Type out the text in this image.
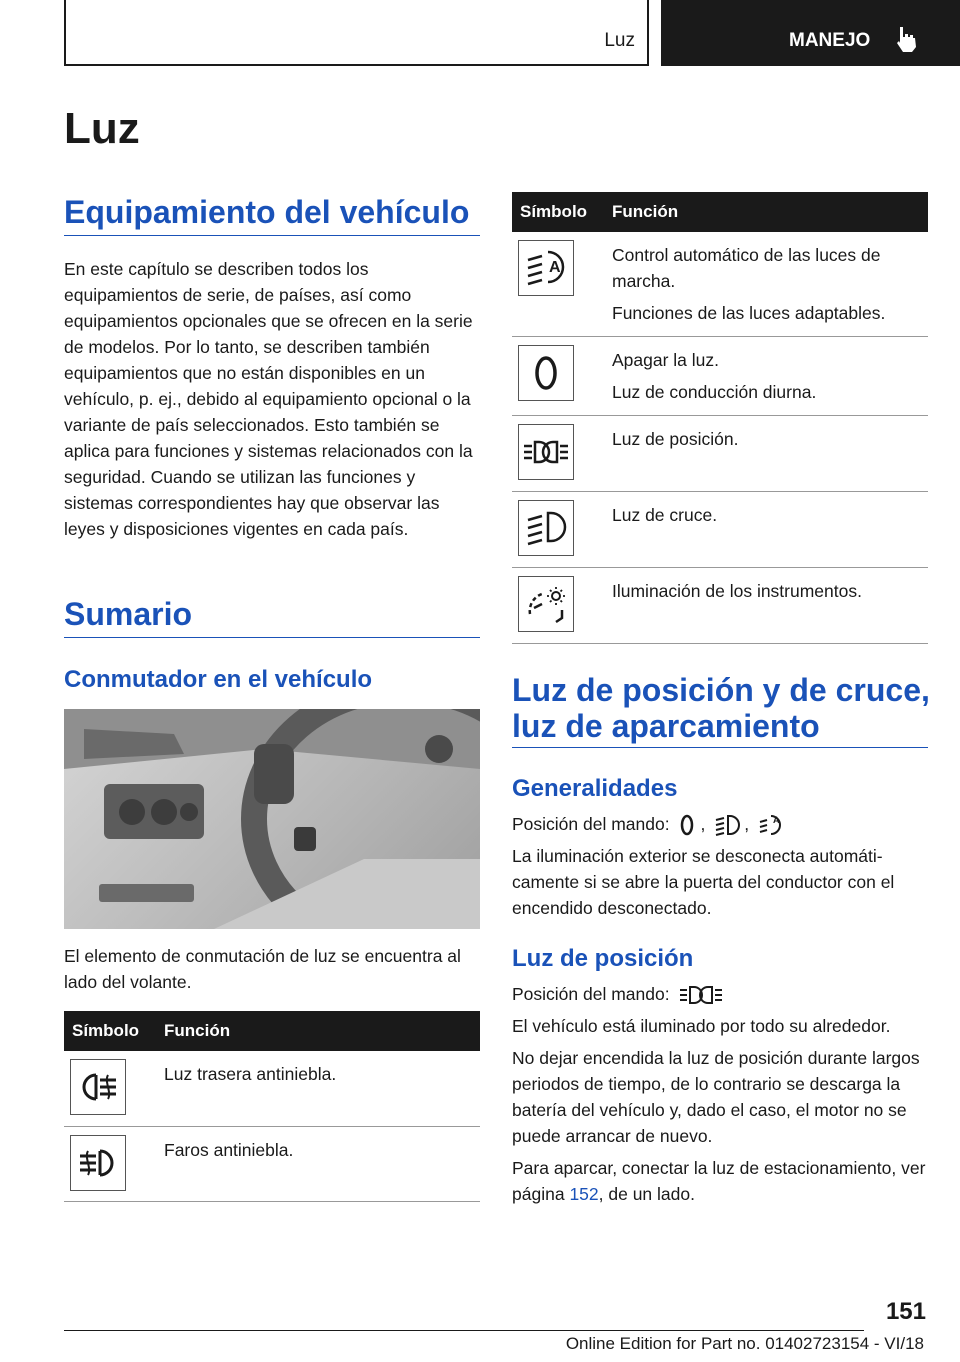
Luz	MANEJO
Luz
Equipamiento del vehículo

En este capítulo se describen todos los equipamientos de serie, de países, así como equipamientos opcionales que se ofrecen en la serie de modelos. Por lo tanto, se describen también equipamientos que no están disponibles en un vehículo, p. ej., debido al equipamiento opcional o la variante de país seleccionados. Esto también se aplica para funciones y sistemas relacionados con la seguridad. Cuando se utilizan las funciones y sistemas correspondientes hay que observar las leyes y disposiciones vigentes en cada país.

Sumario
Conmutador en el vehículo

El elemento de conmutación de luz se encuentra al lado del volante.

Símbolo	Función

	Luz trasera antiniebla.

	Faros antiniebla.
Símbolo	Función

A	Control automático de las luces de marcha.

Funciones de las luces adaptables.

Apagar la luz.

Luz de conducción diurna.

	Luz de posición.

	Luz de cruce.

	Iluminación de los instrumentos.
Luz de posición y de cruce,
luz de aparcamiento
Generalidades

Posición del mando: , , A

La iluminación exterior se desconecta automáticamente si se abre la puerta del conductor con el encendido desconectado.

Luz de posición

Posición del mando:

El vehículo está iluminado por todo su alrededor.

No dejar encendida la luz de posición durante largos periodos de tiempo, de lo contrario se descarga la batería del vehículo y, dado el caso, el motor no se puede arrancar de nuevo.

Para aparcar, conectar la luz de estacionamiento, ver página 152, de un lado.

151
Online Edition for Part no. 01402723154 - VI/18
